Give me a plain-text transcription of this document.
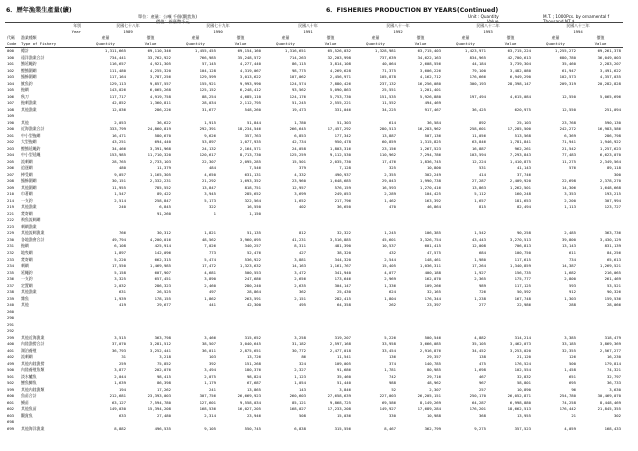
6．歷年漁業生產量(續)	6．FISHERIES PRODUCTION BY YEARS(Continued)
單位：產量：公噸 千個(觀賞魚)
價值：新臺幣千元
Unit : Quantity	M.T. ; 1000Pcs. by ornamental f
Value	Thousand NT $
年別		民國七十八年		民國七十九年		民國八十年		民國八十一年		民國八十二年		民國八十三年	
Year		1989		1990		1991		1992		1993		1994	
代碼	漁業種類	產量	價值	產量	價值	產量	價值	產量	價值	產量	價值	產量	價值
Code	Type of Fishery	Quantity	Value	Quantity	Value	Quantity	Value	Quantity	Value	Quantity	Value	Quantity	Value
000	總計	1,311,665	69,110,346	1,455,455	69,154,160	1,316,651	65,526,032	1,328,981	63,715,403	1,423,971	63,715,224	1,255,272	69,261,378
100	遠洋漁業合計	734,441	33,762,922	766,985	35,248,572	714,263	32,203,998	737,639	34,622,163	834,965	42,700,613	680,780	36,049,003
101	鮪延繩釣	116,657	4,921,305	57,145	4,277,440	86,115	3,814,108	40,064	2,608,556	44,184	3,739,304	35,460	2,283,207
102	鰹鮪圍網	111,480	4,255,320	104,128	4,319,067	98,775	4,269,628	71,375	3,606,226	79,100	3,482,080	61,947	3,491,622
103	鯖鰺圍網	117,164	3,787,256	129,599	3,013,622	107,062	2,456,971	105,878	4,162,712	176,666	6,949,290	102,573	4,357,035
104	魷魚釣	129,113	9,857,557	155,921	9,993,990	124,574	7,880,426	237,132	16,256,080	300,193	28,398,147	209,319	20,282,828
105	拖網	143,026	6,065,268	125,152	6,248,412	93,562	5,090,863	25,551	1,201,401				
106	秋刀	117,717	4,919,758	88,254	4,685,110	124,176	5,753,730	151,535	5,926,880	197,494	4,615,084	12,550	5,065,696
107	拖刺漁業	42,852	1,360,811	28,034	2,112,795	51,245	2,555,221	11,552	494,469				
108	其他漁業	12,036	286,226	31,677	548,260	19,473	331,046	34,225	917,467	36,425	620,975	12,550	251,094
109													
190	其他	2,053	36,622	1,915	51,844	1,780	51,303	614	36,584	892	25,103	23,768	590,130
200	近海漁業合計	333,799	24,860,819	292,391	18,234,546	266,645	17,457,292	280,513	16,283,962	258,601	17,285,500	242,272	16,983,586
201	中小型拖網	16,471	580,670	9,626	357,763	6,853	177,342	13,887	507,136	11,056	513,568	6,369	286,798
202	大型拖網	43,251	694,440	53,897	1,077,935	42,734	950,478	60,859	1,315,825	63,846	1,781,841	71,941	1,946,922
203	鰹鮪延繩釣	34,466	3,391,968	24,132	2,164,571	24,058	1,803,316	23,156	1,267,523	16,887	962,261	21,542	1,257,623
204	中小型延繩	153,985	11,710,320	120,617	8,713,730	125,259	9,112,530	110,962	7,294,786	103,594	7,293,843	77,483	6,623,070
205	流刺網	28,765	2,733,103	22,307	2,095,285	15,501	2,035,730	17,476	1,836,745	12,224	1,410,875	11,275	2,349,564
206	追逐網	480	11,379	484	7,546	379	7,128	325	10,800	531	41,143	576	89,118
207	棒受網	9,057	1,165,305	4,650	631,131	4,332	490,937	2,355	302,249	414	37,746		300
208	鯖鰺圍網	30,151	2,332,231	21,292	1,693,352	23,960	1,648,685	29,043	1,990,738	27,287	2,409,920	22,698	2,378,270
209	其他圍網	11,955	785,552	13,847	818,751	12,957	576,159	16,593	1,270,416	13,863	1,262,501	14,306	1,648,668
210	巾著網	1,547	89,422	3,945	285,652	3,699	249,053	2,289	104,425	5,112	160,248	3,353	193,215
214	一支釣	2,514	258,847	5,173	322,564	1,652	217,796	1,462	163,392	1,657	181,653	2,200	307,994
219	其他漁業	240	6,845	322	16,550	402	36,650	470	46,864	815	82,494	1,113	123,727
221	焚寄網		91,260	1	1,150								
222	飛魚流刺網												
223	刺網漁業												
229	其他流刺漁業	766	30,312	1,821	51,135	812	32,322	1,245	106,385	1,542	90,258	2,485	363,736
230	各地漁會合計	49,794	4,200,016	48,562	3,960,095	41,231	3,516,885	45,601	3,326,754	43,443	3,270,513	39,800	3,430,129
231	拖網	6,108	425,914	7,026	340,257	8,311	481,390	10,537	601,415	12,008	706,813	13,143	831,139
232	地曳網	1,897	142,096	773	52,476	427	38,320	432	47,575	684	100,750	611	84,256
233	焚寄網	5,220	662,315	5,474	536,922	3,881	344,320	2,544	148,461	1,980	117,615	734	65,613
234	刺網	17,550	1,469,985	17,472	1,323,632	14,163	1,161,767	15,405	1,036,311	17,264	1,340,859	14,387	1,269,521
235	延繩釣	5,158	607,907	4,681	500,553	3,472	341,940	4,077	400,188	1,927	156,735	1,682	216,065
236	一支釣	3,325	657,451	3,890	247,686	2,656	173,646	2,969	162,070	2,365	175,777	2,800	261,469
237	定置網	2,032	286,323	2,460	280,240	2,635	304,147	1,336	109,266	989	117,125	593	53,521
238	其他漁業	631	26,525	497	28,864	362	25,430	624	32,165	726	50,592	912	90,326
239	雜魚	1,939	178,155	1,862	263,591	2,151	282,415	1,804	176,344	1,238	167,748	1,303	159,536
240	其他	419	29,677	441	42,300	495	64,358	262	23,397	277	22,986	288	28,066
260													
290													
291													
292													
299	其他近海漁業	3,515	363,798	3,466	315,652	3,258	319,207	5,226	500,546	4,882	314,214	3,385	318,479
400	內陸漁撈合計	37,070	3,281,512	38,507	3,040,645	31,182	2,597,168	33,958	3,666,085	35,105	3,462,073	33,185	3,869,369
401	湖泊養殖	36,793	3,252,441	36,011	2,875,651	30,772	2,477,018	33,454	2,916,876	34,452	3,253,020	32,355	2,567,277
402	流刺網	31	3,218	103	13,726	86	11,541	136	29,357	138	21,120	126	16,230
499	其他內陸漁撈	259	75,852	392	151,268	324	109,005	374	140,785	475	176,524	500	179,814
500	內陸養殖魚類	3,877	202,076	3,494	180,376	2,327	91,686	1,781	80,985	1,698	102,554	1,458	74,321
501	淡水鱸魚	2,044	98,415	2,075	98,824	1,123	35,460	742	29,716	467	32,832	651	32,797
502	鯉魚鯽魚	1,639	86,398	1,179	67,687	1,054	51,440	988	48,962	967	58,801	695	36,733
599	其他內陸漁類	194	17,262	241	13,865	143	3,846	52	2,307	257	10,890	96	3,630
600	魚苗合計	212,681	23,393,003	307,756	26,669,923	260,603	27,658,639	227,003	26,205,151	250,170	26,052,871	254,780	30,469,070
601	鰻苗	63,127	7,594,780	127,601	9,558,034	85,121	9,868,725	69,586	8,149,269	64,287	6,998,880	74,258	8,448,469
602	其他魚苗	149,030	15,394,208	168,536	16,027,205	168,027	17,233,208	149,927	17,689,284	176,201	18,662,513	176,442	21,845,355
603	觀賞魚	633	27,480	2,314	23,946	508	15,036	330	10,988	368	13,955	21	302
698													
699	其他海洋漁業	8,882	496,535	9,105	550,745	6,838	315,556	8,467	362,799	9,275	357,523	4,059	168,433
